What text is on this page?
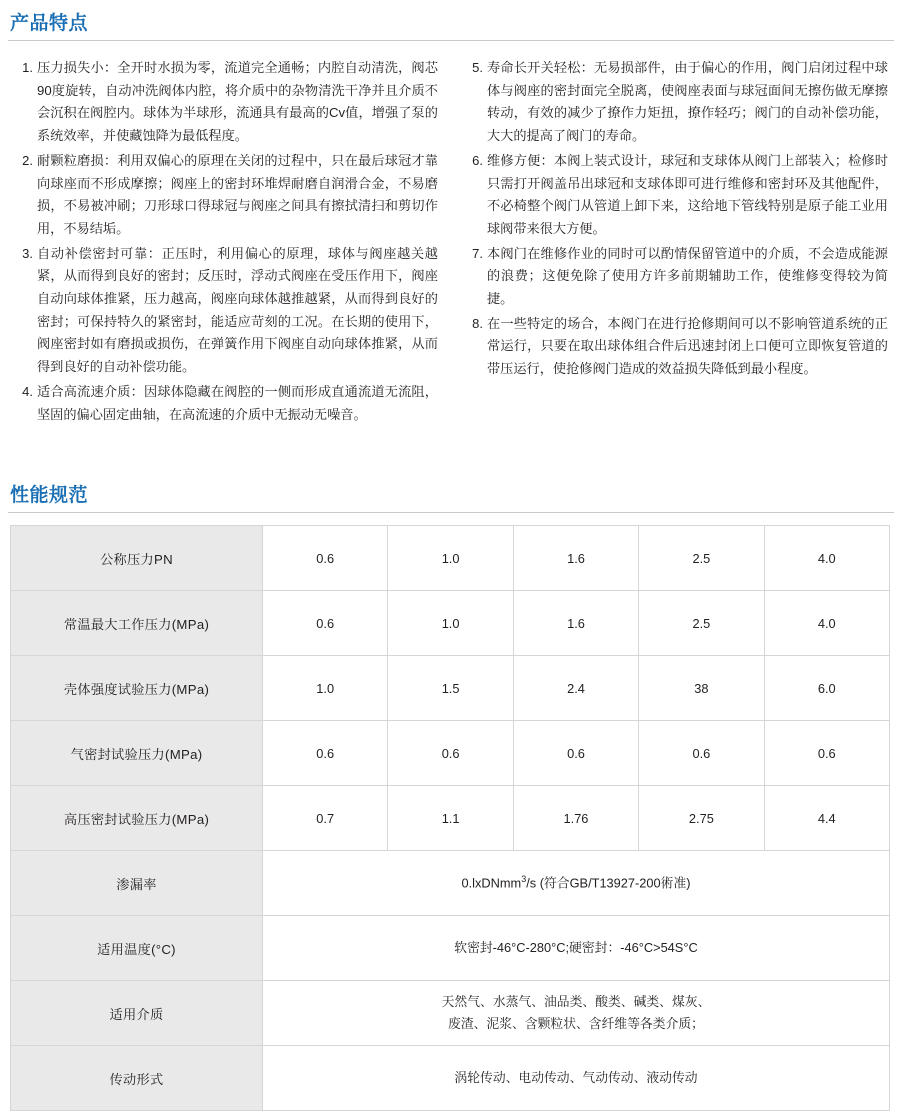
产品特点
1. 压力损失小：全开时水损为零，流道完全通畅；内腔自动清洗，阀芯90度旋转，自动冲洗阀体内腔，将介质中的杂物清洗干净并且介质不会沉积在阀腔内。球体为半球形，流通具有最高的Cv值，增强了泵的系统效率，并使藏蚀降为最低程度。
2. 耐颗粒磨损：利用双偏心的原理在关闭的过程中，只在最后球冠才靠向球座而不形成摩擦；阀座上的密封环堆焊耐磨自润滑合金，不易磨损，不易被冲刷；刀形球口得球冠与阀座之间具有擦拭清扫和剪切作用，不易结垢。
3. 自动补偿密封可靠：正压时，利用偏心的原理，球体与阀座越关越紧，从而得到良好的密封；反压时，浮动式阀座在受压作用下，阀座自动向球体推紧，压力越高，阀座向球体越推越紧，从而得到良好的密封；可保持特久的紧密封，能适应苛刻的工况。在长期的使用下，阀座密封如有磨损或损伤，在弹簧作用下阀座自动向球体推紧，从而得到良好的自动补偿功能。
4. 适合高流速介质：因球体隐藏在阀腔的一侧而形成直通流道无流阻，坚固的偏心固定曲轴，在高流速的介质中无振动无噪音。
5. 寿命长开关轻松：无易损部件，由于偏心的作用，阀门启闭过程中球体与阀座的密封面完全脱离，使阀座表面与球冠面间无擦伤做无摩擦转动，有效的减少了撩作力矩扭，撩作轻巧；阀门的自动补偿功能，大大的提高了阀门的寿命。
6. 维修方便：本阀上装式设计，球冠和支球体从阀门上部装入；检修时只需打开阀盖吊出球冠和支球体即可进行维修和密封环及其他配件，不必椅整个阀门从管道上卸下来，这给地下管线特别是原子能工业用球阀带来很大方便。
7. 本阀门在维修作业的同时可以酌情保留管道中的介质，不会造成能源的浪费；这便免除了使用方许多前期辅助工作，使维修变得较为简捷。
8. 在一些特定的场合，本阀门在进行抢修期间可以不影响管道系统的正常运行，只要在取出球体组合件后迅速封闭上口便可立即恢复管道的带压运行，使抢修阀门造成的效益损失降低到最小程度。
性能规范
公称压力PN	0.6	1.0	1.6	2.5	4.0
常温最大工作压力(MPa)	0.6	1.0	1.6	2.5	4.0
壳体强度试验压力(MPa)	1.0	1.5	2.4	38	6.0
气密封试验压力(MPa)	0.6	0.6	0.6	0.6	0.6
高压密封试验压力(MPa)	0.7	1.1	1.76	2.75	4.4
渗漏率	0.lxDNmm$^3$/s (符合GB/T13927-200術准)				

适用温度(°C)	软密封-46°C-280°C;硬密封：-46°C>54S°C				

适用介质	天然气、水蒸气、油品类、酸类、碱类、煤灰、
废渣、泥浆、含颗粒状、含纤维等各类介质；				

传动形式	涡轮传动、电动传动、气动传动、液动传动				
